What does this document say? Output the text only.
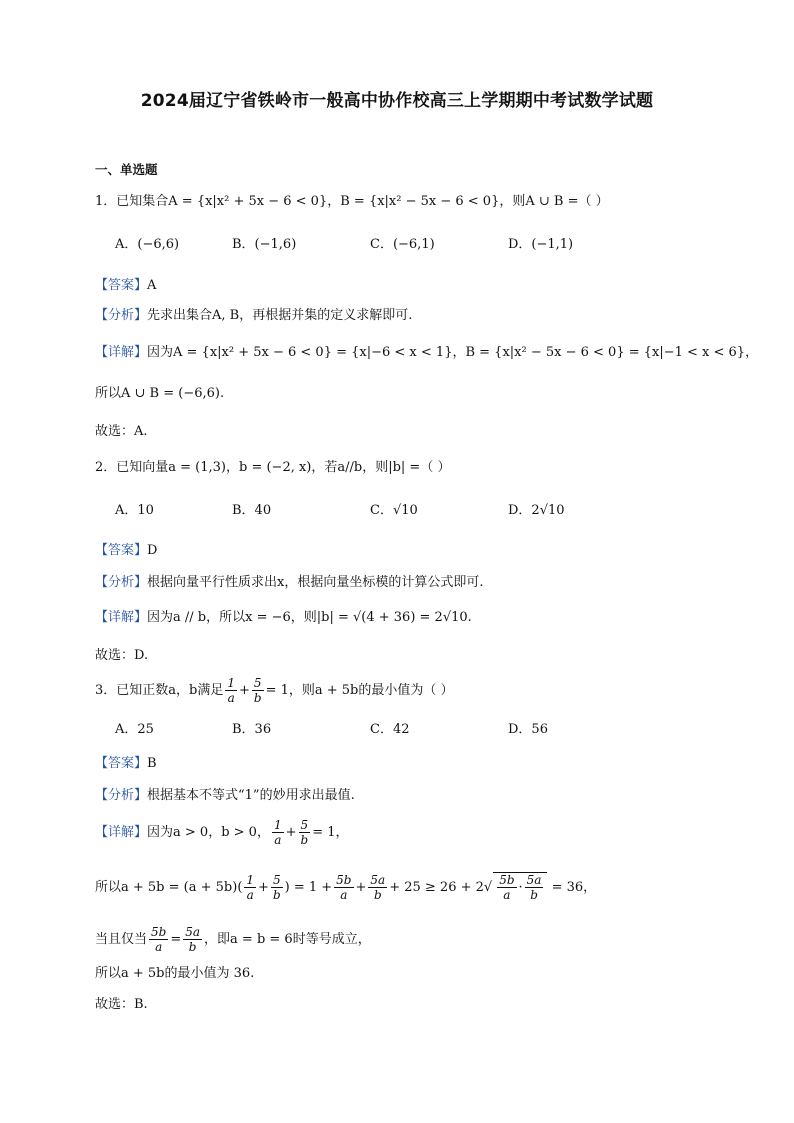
2024届辽宁省铁岭市一般高中协作校高三上学期期中考试数学试题
一、单选题
1．已知集合A = {x|x² + 5x − 6 < 0}，B = {x|x² − 5x − 6 < 0}，则A ∪ B =（ ）
A．(−6,6)	B．(−1,6)	C．(−6,1)	D．(−1,1)
【答案】A
【分析】先求出集合A, B，再根据并集的定义求解即可.
【详解】因为A = {x|x² + 5x − 6 < 0} = {x|−6 < x < 1}，B = {x|x² − 5x − 6 < 0} = {x|−1 < x < 6}，
所以A ∪ B = (−6,6).
故选：A.
2．已知向量a = (1,3)，b = (−2, x)，若a//b，则|b| =（ ）
A．10	B．40	C．√10	D．2√10
【答案】D
【分析】根据向量平行性质求出x，根据向量坐标模的计算公式即可.
【详解】因为a // b，所以x = −6，则|b| = √(4 + 36) = 2√10.
故选：D.
3．已知正数a，b满足 $\frac{1}{a} + \frac{5}{b} = 1$，则a + 5b的最小值为（ ）
A．25	B．36	C．42	D．56
【答案】B
【分析】根据基本不等式“1”的妙用求出最值.
【详解】因为a > 0，b > 0， $\frac{1}{a} + \frac{5}{b} = 1$，
所以$a + 5b = (a + 5b)( \frac{1}{a} + \frac{5}{b}$ ) = $1 + \frac{5b}{a} + \frac{5a}{b} + 25 \ge 26 + 2√ \frac{5b}{a} \cdot \frac{5a}{b} = 36$，
当且仅当 $\frac{5b}{a} = \frac{5a}{b}$ ，即a = b = 6时等号成立，
所以a + 5b的最小值为 36.
故选：B.
